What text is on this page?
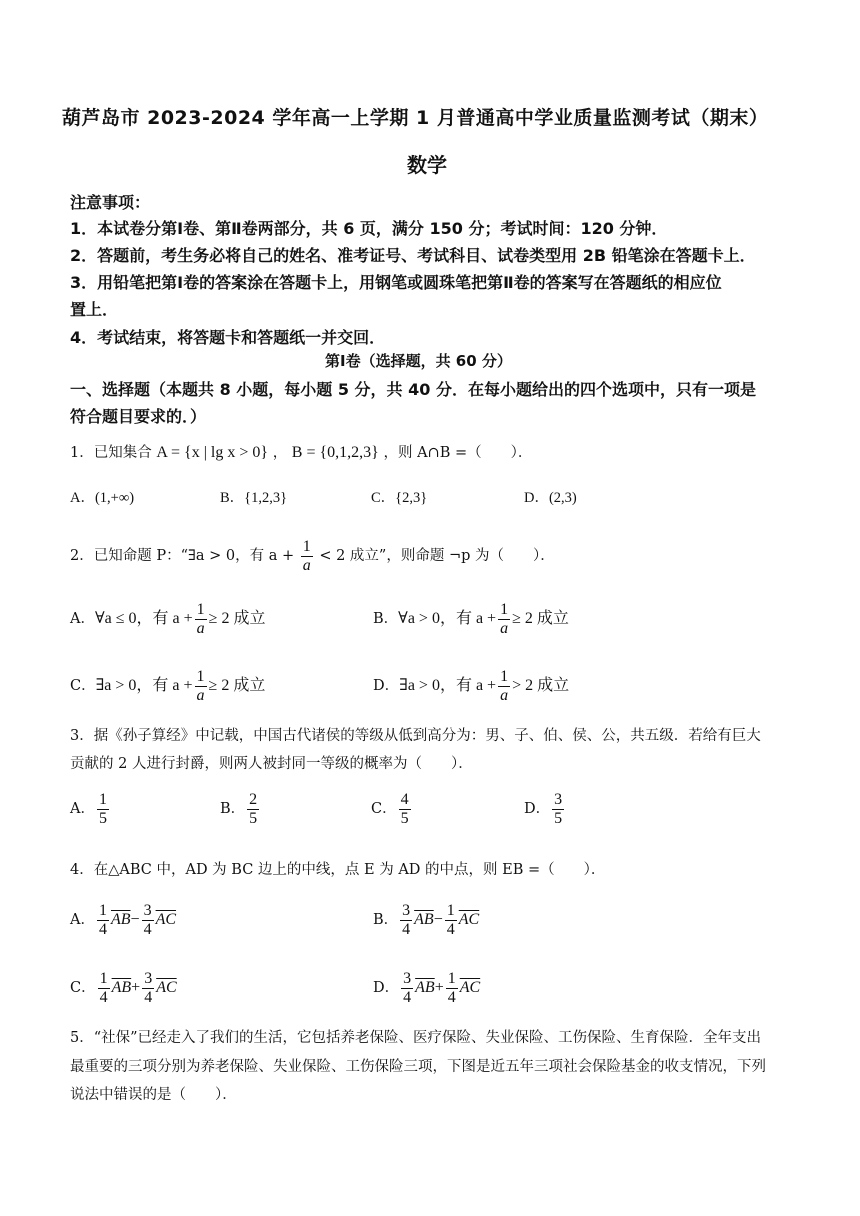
葫芦岛市 2023-2024 学年高一上学期 1 月普通高中学业质量监测考试（期末）
数学
注意事项：
1．本试卷分第Ⅰ卷、第Ⅱ卷两部分，共 6 页，满分 150 分；考试时间：120 分钟．
2．答题前，考生务必将自己的姓名、准考证号、考试科目、试卷类型用 2B 铅笔涂在答题卡上．
3．用铅笔把第Ⅰ卷的答案涂在答题卡上，用钢笔或圆珠笔把第Ⅱ卷的答案写在答题纸的相应位
置上．
4．考试结束，将答题卡和答题纸一并交回．
第Ⅰ卷（选择题，共 60 分）
一、选择题（本题共 8 小题，每小题 5 分，共 40 分．在每小题给出的四个选项中，只有一项是
符合题目要求的．）
1．已知集合 A = {x | lg x > 0} ， B = {0,1,2,3} ，则 A∩B =（　　）．
A．(1,+∞)	B．{1,2,3}	C．{2,3}	D．(2,3)
2．已知命题 P：“∃a > 0，有 $a + \frac{1}{a} < 2$ 成立”，则命题 ¬p 为（　　）．
A．∀a ≤ 0，有 $a + \frac{1}{a} \ge 2$ 成立	B．∀a > 0，有 $a + \frac{1}{a} \ge 2$ 成立
C．∃a > 0，有 $a + \frac{1}{a} \ge 2$ 成立	D．∃a > 0，有 $a + \frac{1}{a} > 2$ 成立
3．据《孙子算经》中记载，中国古代诸侯的等级从低到高分为：男、子、伯、侯、公，共五级．若给有巨大
贡献的 2 人进行封爵，则两人被封同一等级的概率为（　　）．
A． $\frac{1}{5}$	B． $\frac{2}{5}$	C． $\frac{4}{5}$	D． $\frac{3}{5}$
4．在△ABC 中，AD 为 BC 边上的中线，点 E 为 AD 的中点，则 EB =（　　）．
A． $\frac{1}{4} \overline{AB}- \frac{3}{4} \overline{AC}$	B． $\frac{3}{4} \overline{AB}- \frac{1}{4} \overline{AC}$
C． $\frac{1}{4} \overline{AB}+ \frac{3}{4} \overline{AC}$	D． $\frac{3}{4} \overline{AB}+ \frac{1}{4} \overline{AC}$
5．“社保”已经走入了我们的生活，它包括养老保险、医疗保险、失业保险、工伤保险、生育保险．全年支出
最重要的三项分别为养老保险、失业保险、工伤保险三项，下图是近五年三项社会保险基金的收支情况，下列
说法中错误的是（　　）．
